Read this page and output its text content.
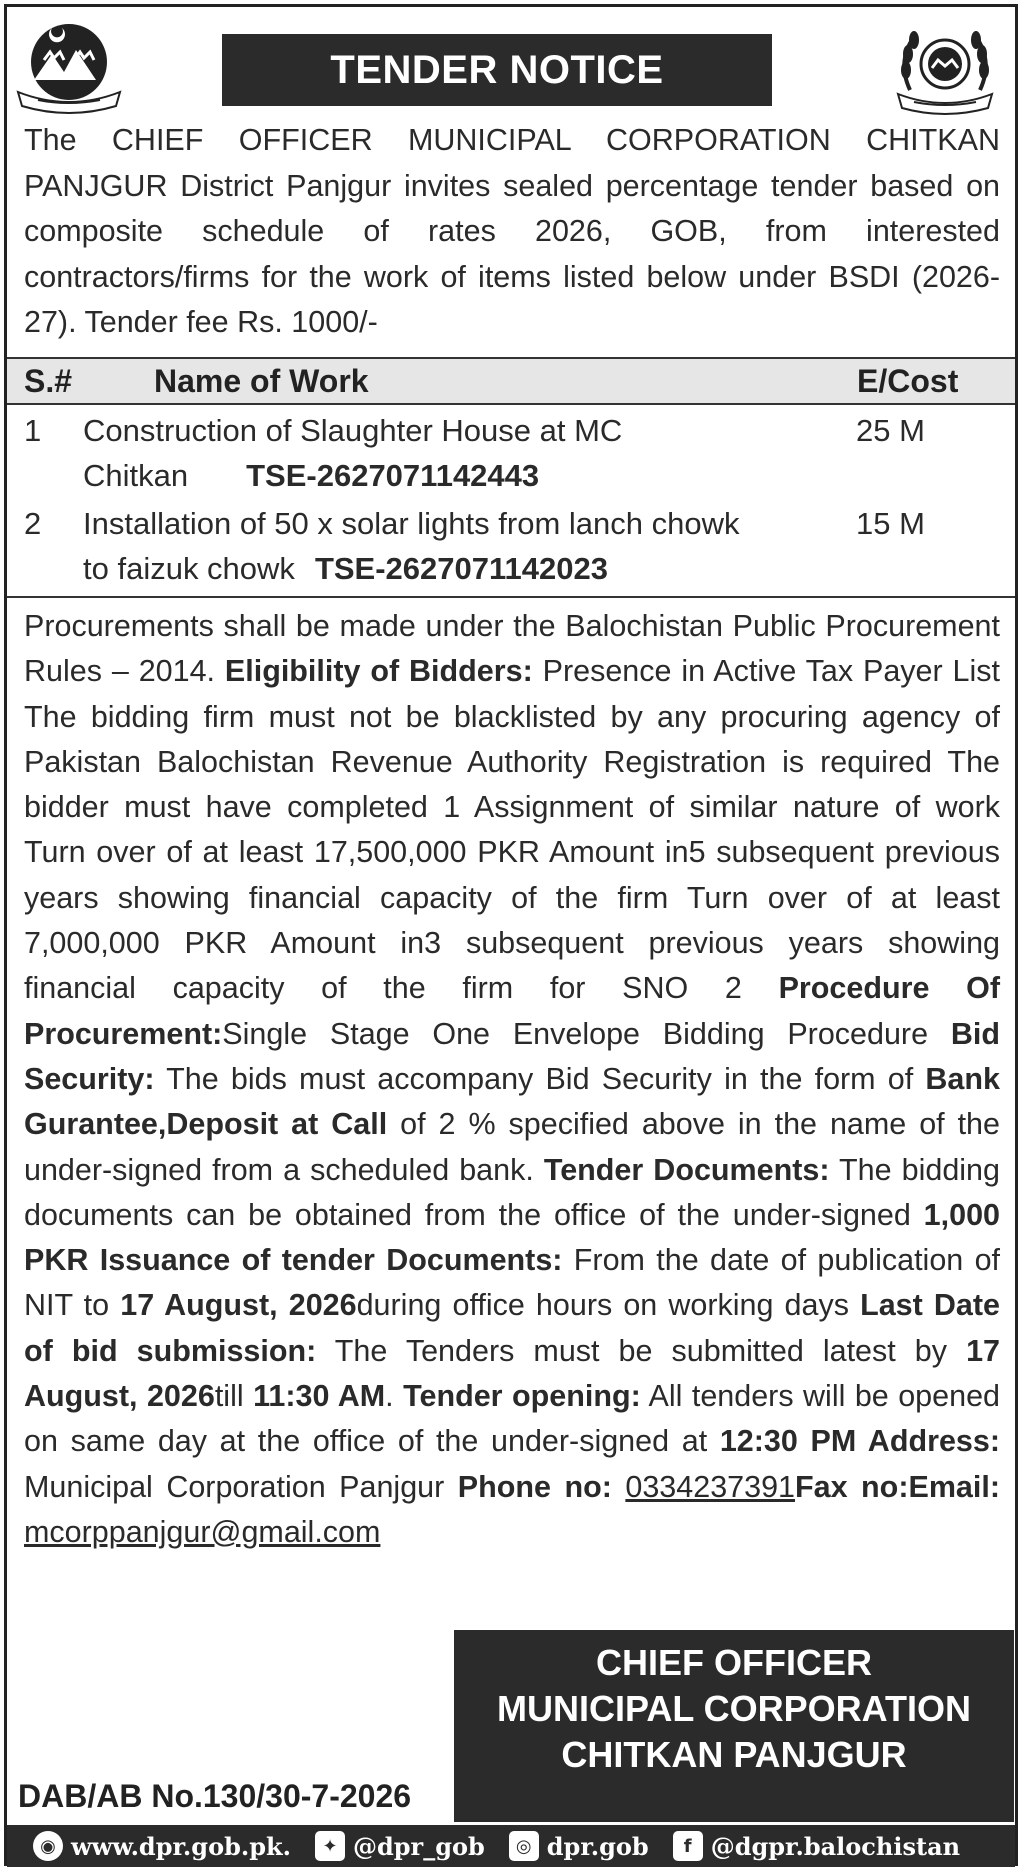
TENDER NOTICE
The CHIEF OFFICER MUNICIPAL CORPORATION CHITKAN PANJGUR District Panjgur invites sealed percentage tender based on composite schedule of rates 2026, GOB, from interested contractors/firms for the work of items listed below under BSDI (2026-27). Tender fee Rs. 1000/-
S.#	Name of Work	E/Cost
1 Construction of Slaughter House at MC	25 M
Chitkan TSE-2627071142443
2 Installation of 50 x solar lights from lanch chowk	15 M
to faizuk chowk TSE-2627071142023
Procurements shall be made under the Balochistan Public Procurement Rules – 2014. Eligibility of Bidders: Presence in Active Tax Payer List The bidding firm must not be blacklisted by any procuring agency of Pakistan Balochistan Revenue Authority Registration is required The bidder must have completed 1 Assignment of similar nature of work Turn over of at least 17,500,000 PKR Amount in5 subsequent previous years showing financial capacity of the firm Turn over of at least 7,000,000 PKR Amount in3 subsequent previous years showing financial capacity of the firm for SNO 2 Procedure Of Procurement:Single Stage One Envelope Bidding Procedure Bid Security: The bids must accompany Bid Security in the form of Bank Gurantee,Deposit at Call of 2 % specified above in the name of the under-signed from a scheduled bank. Tender Documents: The bidding documents can be obtained from the office of the under-signed 1,000 PKR Issuance of tender Documents: From the date of publication of NIT to 17 August, 2026during office hours on working days Last Date of bid submission: The Tenders must be submitted latest by 17 August, 2026till 11:30 AM. Tender opening: All tenders will be opened on same day at the office of the under-signed at 12:30 PM Address: Municipal Corporation Panjgur Phone no: 0334237391Fax no:Email: mcorppanjgur@gmail.com
CHIEF OFFICER
MUNICIPAL CORPORATION
CHITKAN PANJGUR
DAB/AB No.130/30-7-2026
◉ www.dpr.gob.pk.	✦ @dpr_gob	◎ dpr.gob	f @dgpr.balochistan
